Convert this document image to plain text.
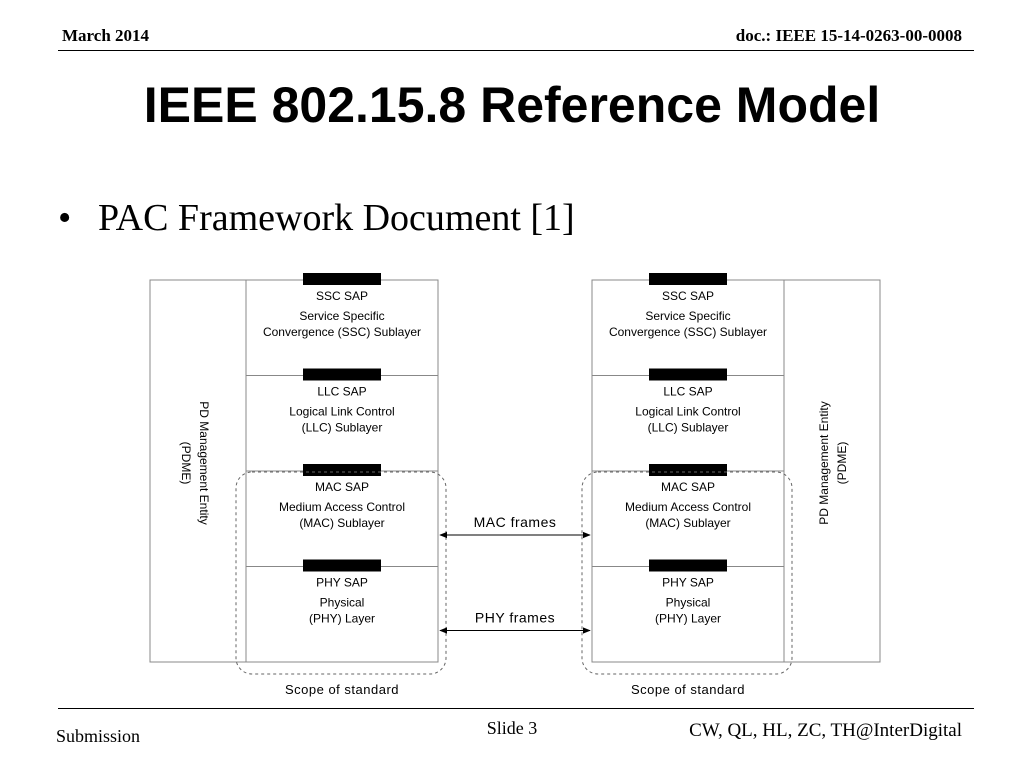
March 2014	doc.: IEEE 15-14-0263-00-0008
IEEE 802.15.8 Reference Model
• PAC Framework Document [1]
PD Management Entity
(PDME)
SSC SAP
Service Specific
Convergence (SSC) Sublayer
LLC SAP
Logical Link Control
(LLC) Sublayer
MAC SAP
Medium Access Control
(MAC) Sublayer
PHY SAP
Physical
(PHY) Layer
Scope of standard
PD Management Entity (PDME)
SSC SAP
Service Specific
Convergence (SSC) Sublayer
LLC SAP
Logical Link Control
(LLC) Sublayer
MAC SAP
Medium Access Control
(MAC) Sublayer
PHY SAP
Physical
(PHY) Layer
Scope of standard
MAC frames
PHY frames
Submission	Slide 3	CW, QL, HL, ZC, TH@InterDigital
